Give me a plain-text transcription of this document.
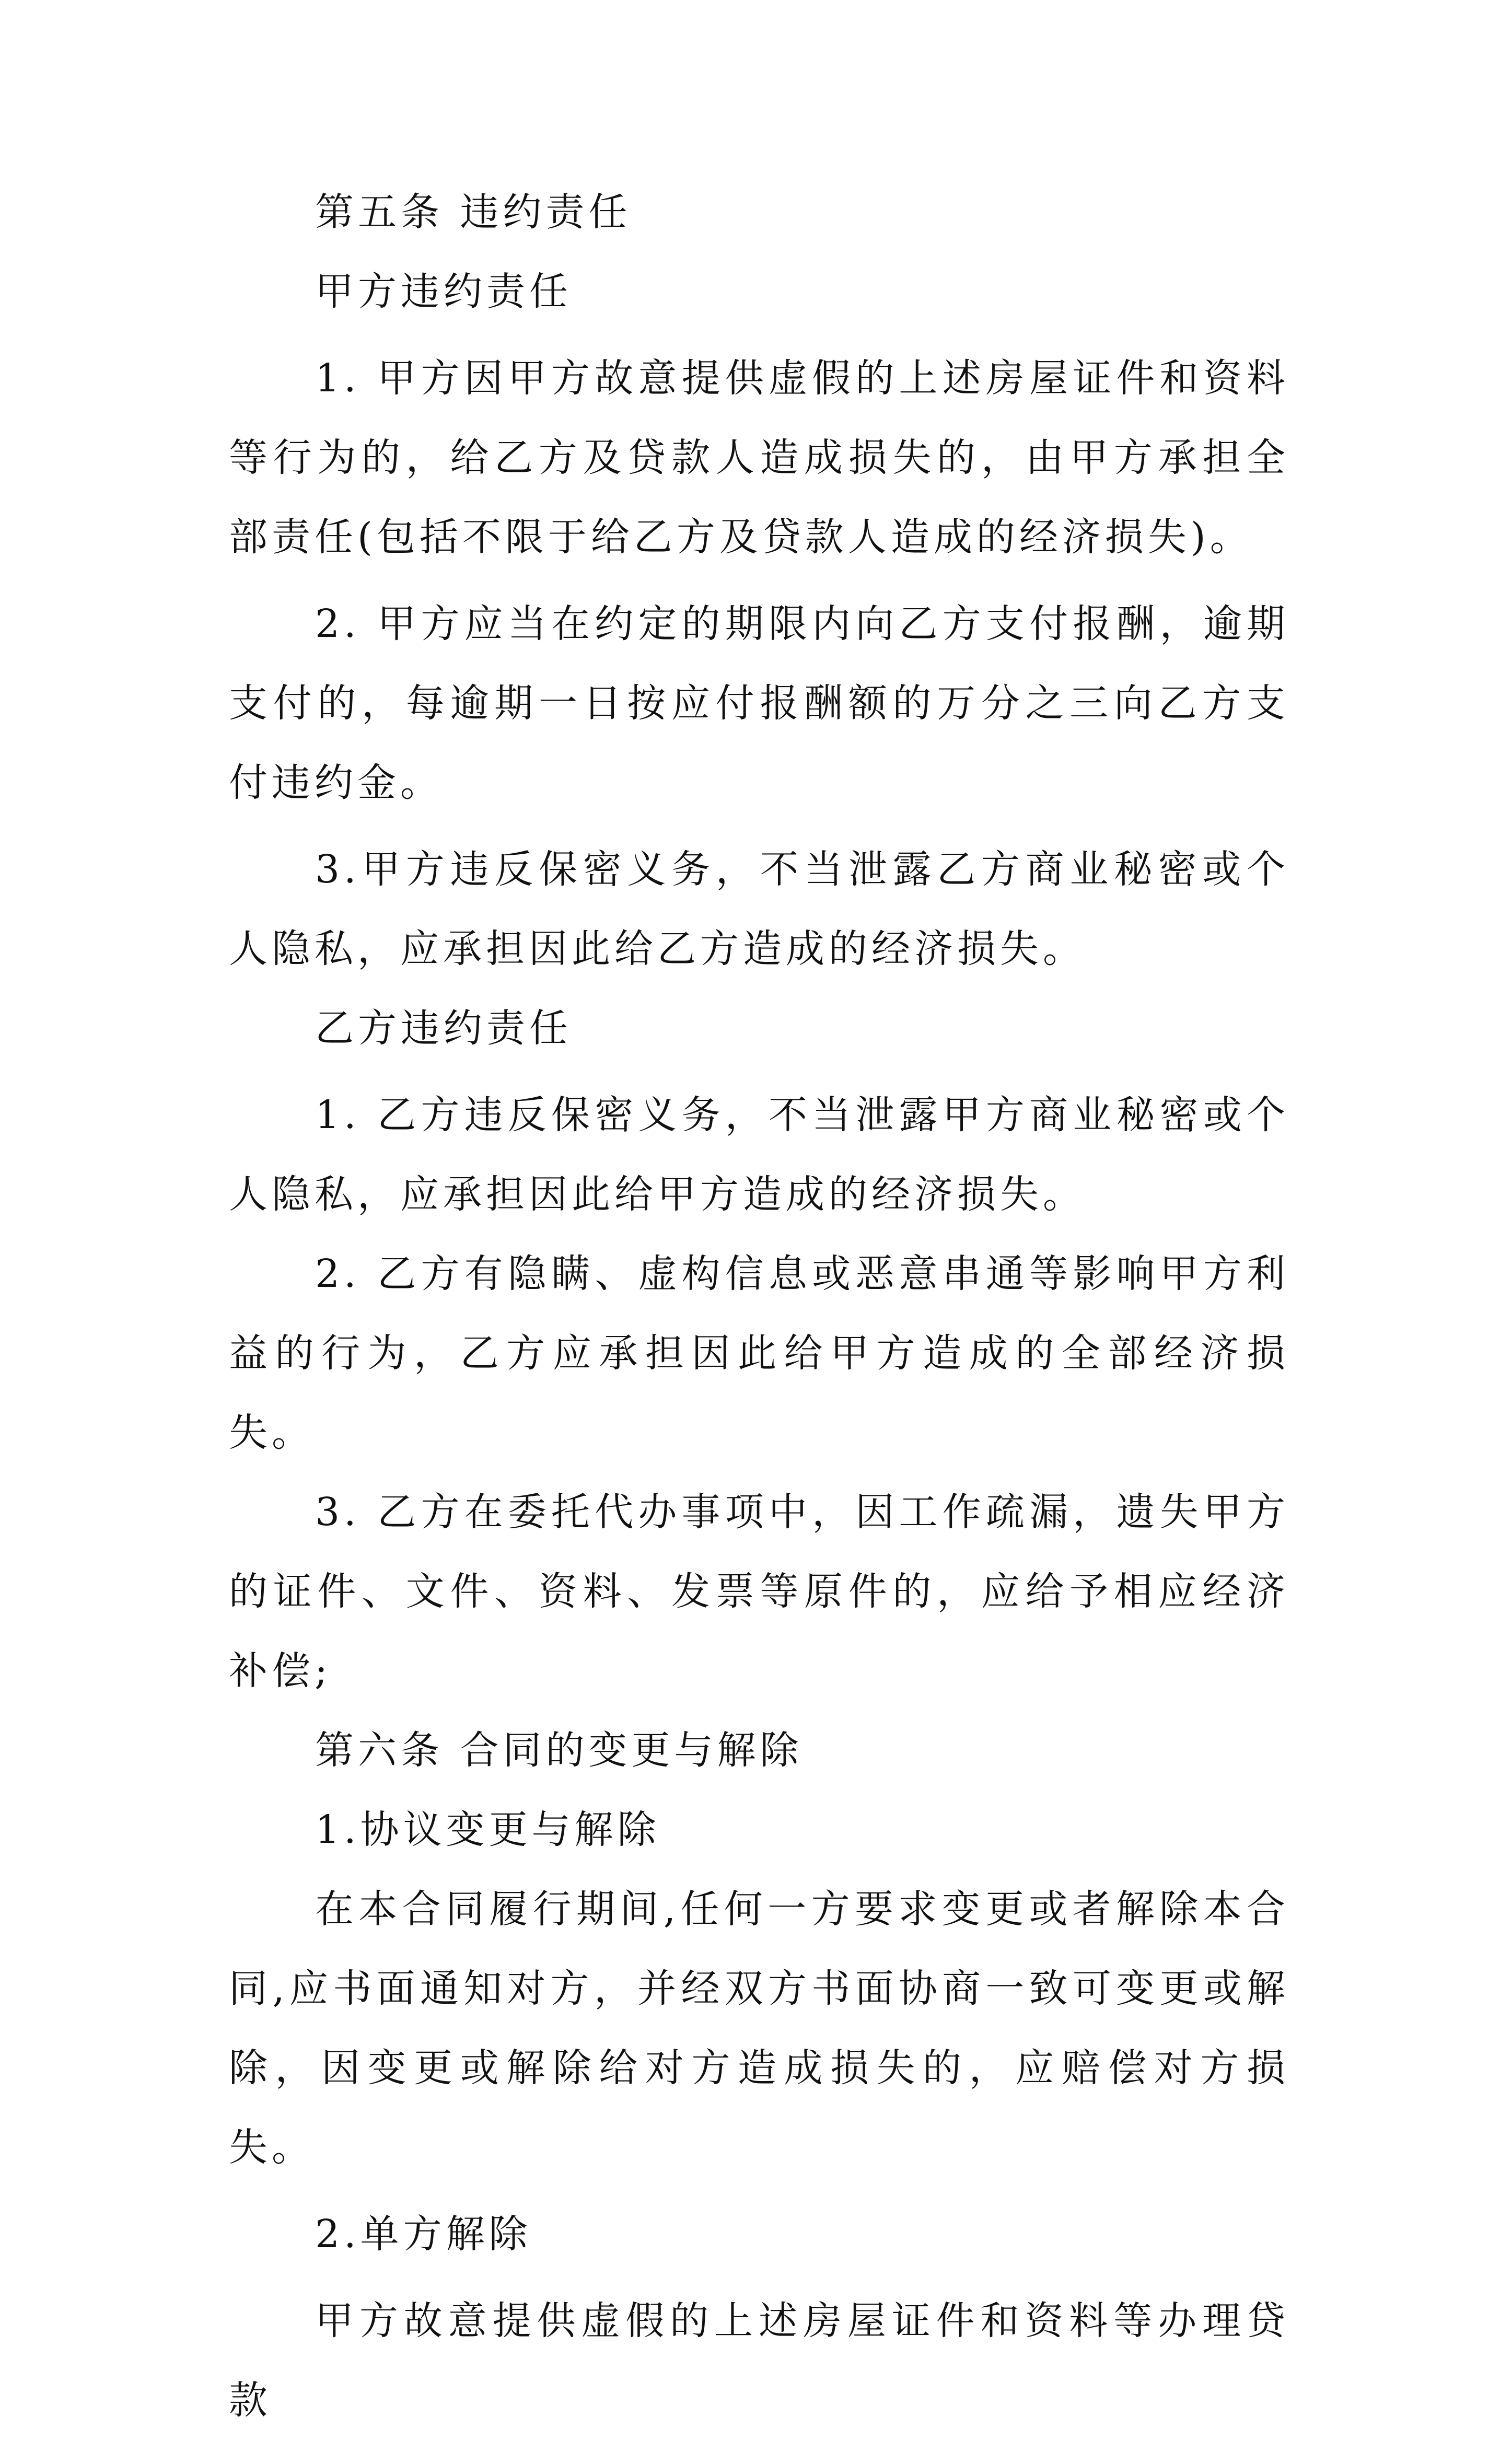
第五条 违约责任

甲方违约责任

1. 甲方因甲方故意提供虚假的上述房屋证件和资料等行为的，给乙方及贷款人造成损失的，由甲方承担全部责任(包括不限于给乙方及贷款人造成的经济损失)。

2. 甲方应当在约定的期限内向乙方支付报酬，逾期支付的，每逾期一日按应付报酬额的万分之三向乙方支付违约金。

3.甲方违反保密义务，不当泄露乙方商业秘密或个人隐私，应承担因此给乙方造成的经济损失。

乙方违约责任

1. 乙方违反保密义务，不当泄露甲方商业秘密或个人隐私，应承担因此给甲方造成的经济损失。

2. 乙方有隐瞒、虚构信息或恶意串通等影响甲方利益的行为，乙方应承担因此给甲方造成的全部经济损失。

3. 乙方在委托代办事项中，因工作疏漏，遗失甲方的证件、文件、资料、发票等原件的，应给予相应经济补偿;

第六条 合同的变更与解除

1.协议变更与解除

在本合同履行期间,任何一方要求变更或者解除本合同,应书面通知对方，并经双方书面协商一致可变更或解除，因变更或解除给对方造成损失的，应赔偿对方损失。

2.单方解除

甲方故意提供虚假的上述房屋证件和资料等办理贷款
